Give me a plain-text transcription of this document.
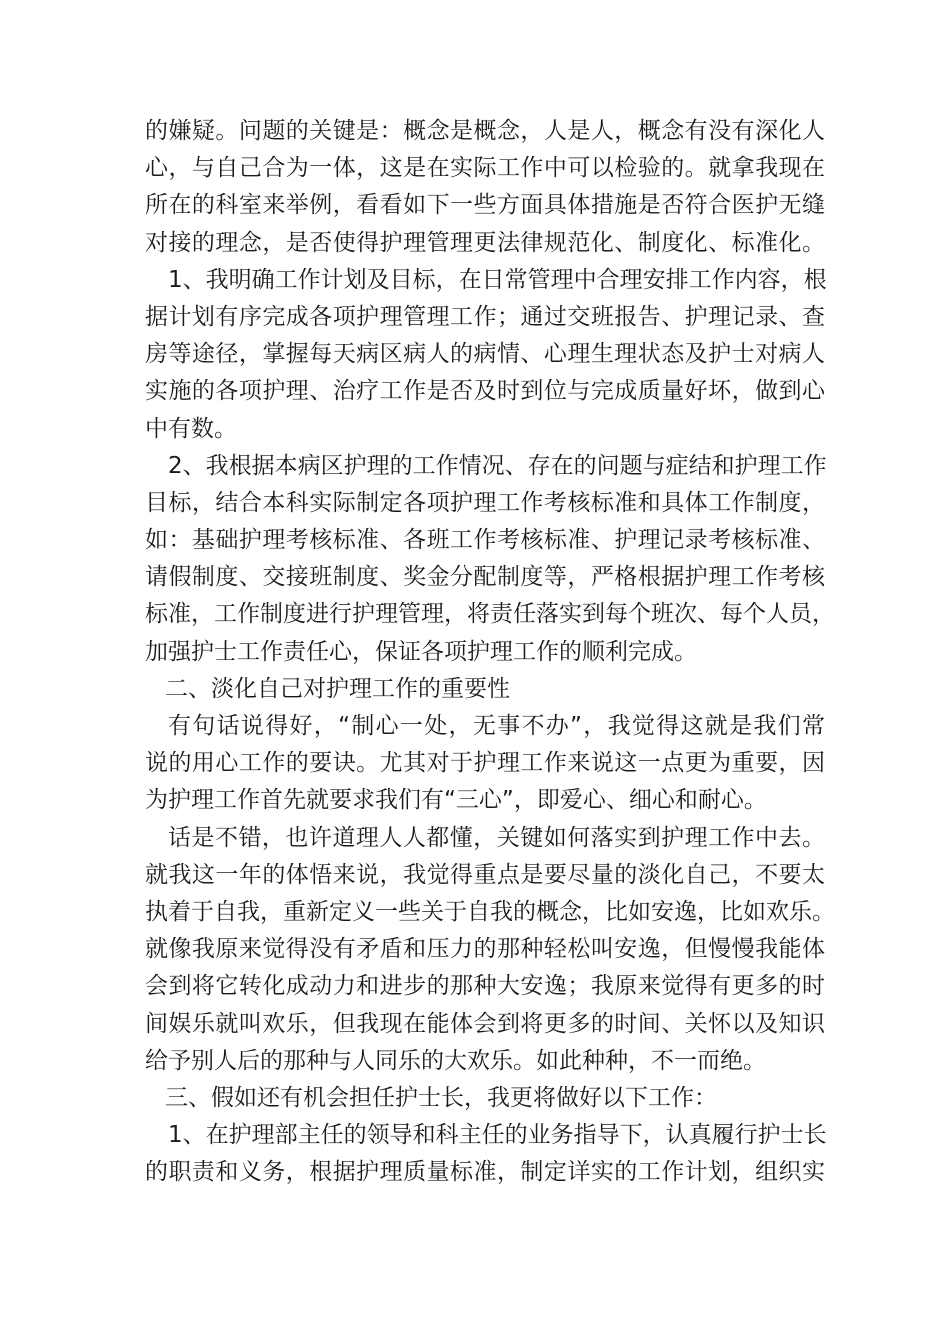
的嫌疑。问题的关键是：概念是概念，人是人，概念有没有深化人
心，与自己合为一体，这是在实际工作中可以检验的。就拿我现在
所在的科室来举例，看看如下一些方面具体措施是否符合医护无缝
对接的理念，是否使得护理管理更法律规范化、制度化、标准化。
1、我明确工作计划及目标，在日常管理中合理安排工作内容，根
据计划有序完成各项护理管理工作；通过交班报告、护理记录、查
房等途径，掌握每天病区病人的病情、心理生理状态及护士对病人
实施的各项护理、治疗工作是否及时到位与完成质量好坏，做到心
中有数。
2、我根据本病区护理的工作情况、存在的问题与症结和护理工作
目标，结合本科实际制定各项护理工作考核标准和具体工作制度，
如：基础护理考核标准、各班工作考核标准、护理记录考核标准、
请假制度、交接班制度、奖金分配制度等，严格根据护理工作考核
标准，工作制度进行护理管理，将责任落实到每个班次、每个人员，
加强护士工作责任心，保证各项护理工作的顺利完成。
二、淡化自己对护理工作的重要性
有句话说得好，“制心一处，无事不办”，我觉得这就是我们常
说的用心工作的要诀。尤其对于护理工作来说这一点更为重要，因
为护理工作首先就要求我们有“三心”，即爱心、细心和耐心。
话是不错，也许道理人人都懂，关键如何落实到护理工作中去。
就我这一年的体悟来说，我觉得重点是要尽量的淡化自己，不要太
执着于自我，重新定义一些关于自我的概念，比如安逸，比如欢乐。
就像我原来觉得没有矛盾和压力的那种轻松叫安逸，但慢慢我能体
会到将它转化成动力和进步的那种大安逸；我原来觉得有更多的时
间娱乐就叫欢乐，但我现在能体会到将更多的时间、关怀以及知识
给予别人后的那种与人同乐的大欢乐。如此种种，不一而绝。
三、假如还有机会担任护士长，我更将做好以下工作：
1、在护理部主任的领导和科主任的业务指导下，认真履行护士长
的职责和义务，根据护理质量标准，制定详实的工作计划，组织实
